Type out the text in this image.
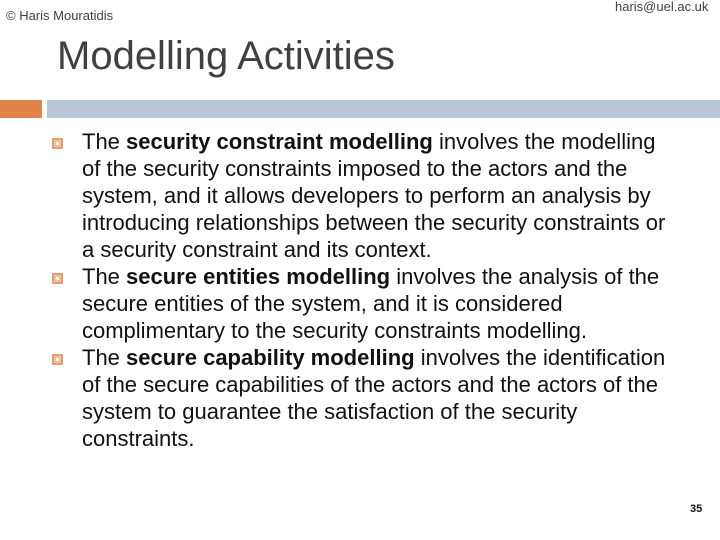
© Haris Mouratidis
haris@uel.ac.uk
Modelling Activities
The security constraint modelling involves the modelling of the security constraints imposed to the actors and the system, and it allows developers to perform an analysis by introducing relationships between the security constraints or a security constraint and its context.
The secure entities modelling involves the analysis of the secure entities of the system, and it is considered complimentary to the security constraints modelling.
The secure capability modelling involves the identification of the secure capabilities of the actors and the actors of the system to guarantee the satisfaction of the security constraints.
35
